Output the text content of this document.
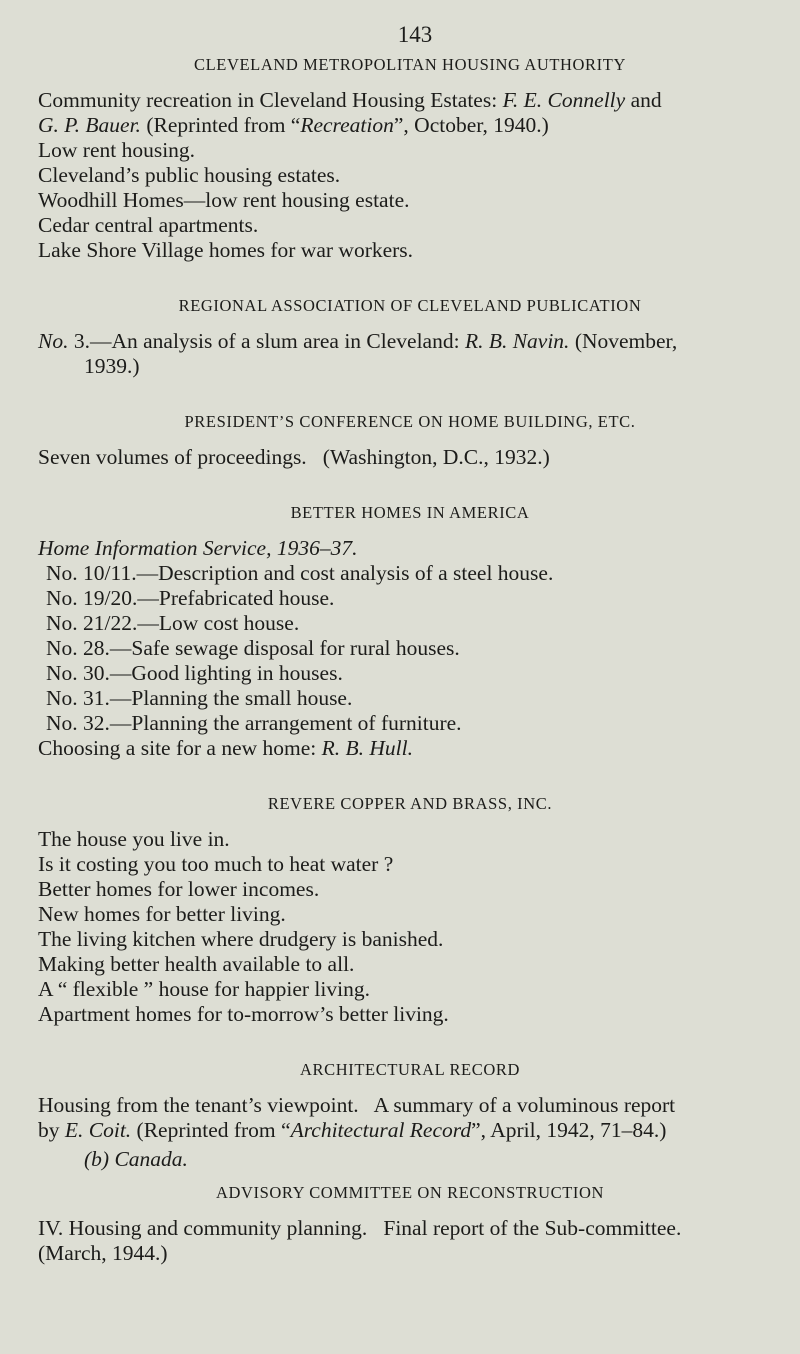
143
CLEVELAND METROPOLITAN HOUSING AUTHORITY
Community recreation in Cleveland Housing Estates: F. E. Connelly and
G. P. Bauer. (Reprinted from “Recreation”, October, 1940.)
Low rent housing.
Cleveland’s public housing estates.
Woodhill Homes—low rent housing estate.
Cedar central apartments.
Lake Shore Village homes for war workers.
REGIONAL ASSOCIATION OF CLEVELAND PUBLICATION
No. 3.—An analysis of a slum area in Cleveland: R. B. Navin. (November,
1939.)
PRESIDENT’S CONFERENCE ON HOME BUILDING, ETC.
Seven volumes of proceedings.   (Washington, D.C., 1932.)
BETTER HOMES IN AMERICA
Home Information Service, 1936–37.
No. 10/11.—Description and cost analysis of a steel house.
No. 19/20.—Prefabricated house.
No. 21/22.—Low cost house.
No. 28.—Safe sewage disposal for rural houses.
No. 30.—Good lighting in houses.
No. 31.—Planning the small house.
No. 32.—Planning the arrangement of furniture.
Choosing a site for a new home: R. B. Hull.
REVERE COPPER AND BRASS, INC.
The house you live in.
Is it costing you too much to heat water ?
Better homes for lower incomes.
New homes for better living.
The living kitchen where drudgery is banished.
Making better health available to all.
A “ flexible ” house for happier living.
Apartment homes for to-morrow’s better living.
ARCHITECTURAL RECORD
Housing from the tenant’s viewpoint.   A summary of a voluminous report
by E. Coit. (Reprinted from “Architectural Record”, April, 1942, 71–84.)
(b) Canada.
ADVISORY COMMITTEE ON RECONSTRUCTION
IV. Housing and community planning.   Final report of the Sub-committee.
(March, 1944.)
